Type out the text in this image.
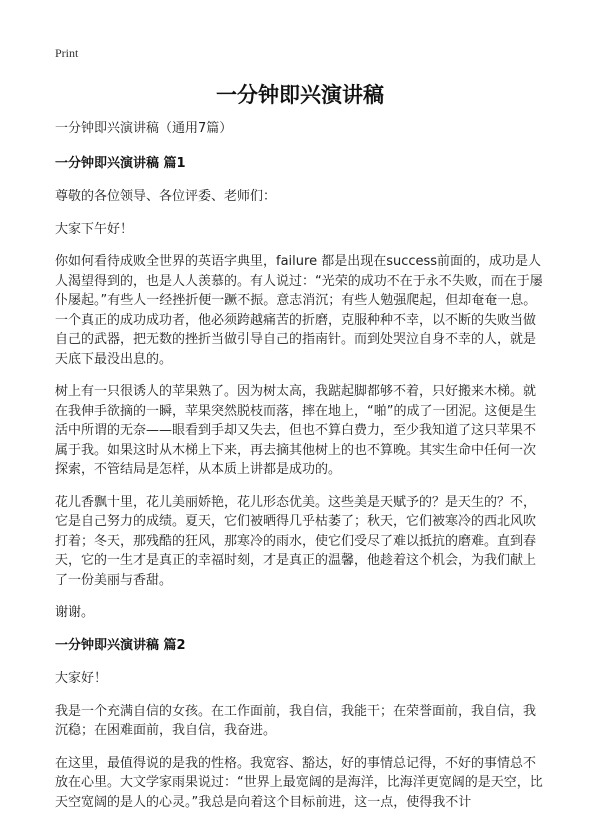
Print
一分钟即兴演讲稿

一分钟即兴演讲稿（通用7篇）

一分钟即兴演讲稿 篇1

尊敬的各位领导、各位评委、老师们：

大家下午好！

你如何看待成败全世界的英语字典里，failure 都是出现在success前面的，成功是人人渴望得到的，也是人人羡慕的。有人说过：“光荣的成功不在于永不失败，而在于屡仆屡起。”有些人一经挫折便一蹶不振。意志消沉；有些人勉强爬起，但却奄奄一息。一个真正的成功成功者，他必须跨越痛苦的折磨，克服种种不幸，以不断的失败当做自己的武器，把无数的挫折当做引导自己的指南针。而到处哭泣自身不幸的人，就是天底下最没出息的。

树上有一只很诱人的苹果熟了。因为树太高，我踮起脚都够不着，只好搬来木梯。就在我伸手欲摘的一瞬，苹果突然脱枝而落，摔在地上，“啪”的成了一团泥。这便是生活中所谓的无奈——眼看到手却又失去，但也不算白费力，至少我知道了这只苹果不属于我。如果这时从木梯上下来，再去摘其他树上的也不算晚。其实生命中任何一次探索，不管结局是怎样，从本质上讲都是成功的。

花儿香飘十里，花儿美丽娇艳，花儿形态优美。这些美是天赋予的？是天生的？不，它是自己努力的成绩。夏天，它们被晒得几乎枯萎了；秋天，它们被寒冷的西北风吹打着；冬天，那残酷的狂风，那寒冷的雨水，使它们受尽了难以抵抗的磨难。直到春天，它的一生才是真正的幸福时刻，才是真正的温馨，他趁着这个机会，为我们献上了一份美丽与香甜。

谢谢。

一分钟即兴演讲稿 篇2

大家好！

我是一个充满自信的女孩。在工作面前，我自信，我能干；在荣誉面前，我自信，我沉稳；在困难面前，我自信，我奋进。

在这里，最值得说的是我的性格。我宽容、豁达，好的事情总记得，不好的事情总不放在心里。大文学家雨果说过：“世界上最宽阔的是海洋，比海洋更宽阔的是天空，比天空宽阔的是人的心灵。”我总是向着这个目标前进，这一点，使得我不计
